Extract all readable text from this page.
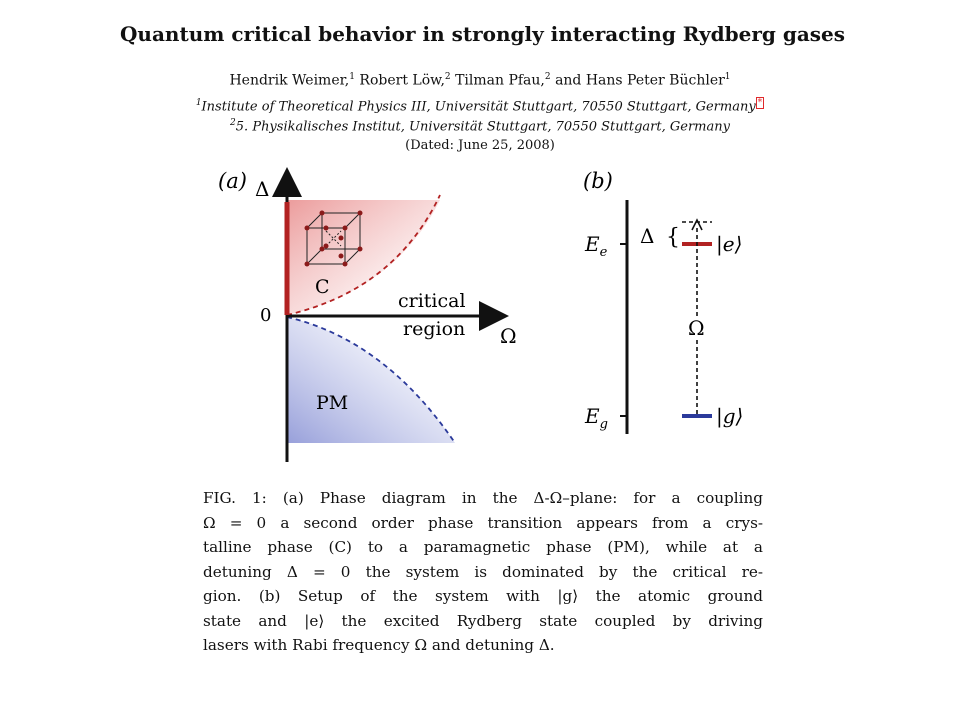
Quantum critical behavior in strongly interacting Rydberg gases
Hendrik Weimer,$^1$ Robert Löw,$^2$ Tilman Pfau,$^2$ and Hans Peter Büchler$^1$
$^1$Institute of Theoretical Physics III, Universität Stuttgart, 70550 Stuttgart, Germany *
$^2$5. Physikalisches Institut, Universität Stuttgart, 70550 Stuttgart, Germany
(Dated: June 25, 2008)
(a) Δ
Ω
0
C
PM
critical
region
(b)
$E_e$
$E_g$
Δ { |e⟩
|g⟩
Ω
FIG. 1: (a) Phase diagram in the Δ-Ω–plane: for a coupling
Ω = 0 a second order phase transition appears from a crys-
talline phase (C) to a paramagnetic phase (PM), while at a
detuning Δ = 0 the system is dominated by the critical re-
gion. (b) Setup of the system with |g⟩ the atomic ground
state and |e⟩ the excited Rydberg state coupled by driving
lasers with Rabi frequency Ω and detuning Δ.
